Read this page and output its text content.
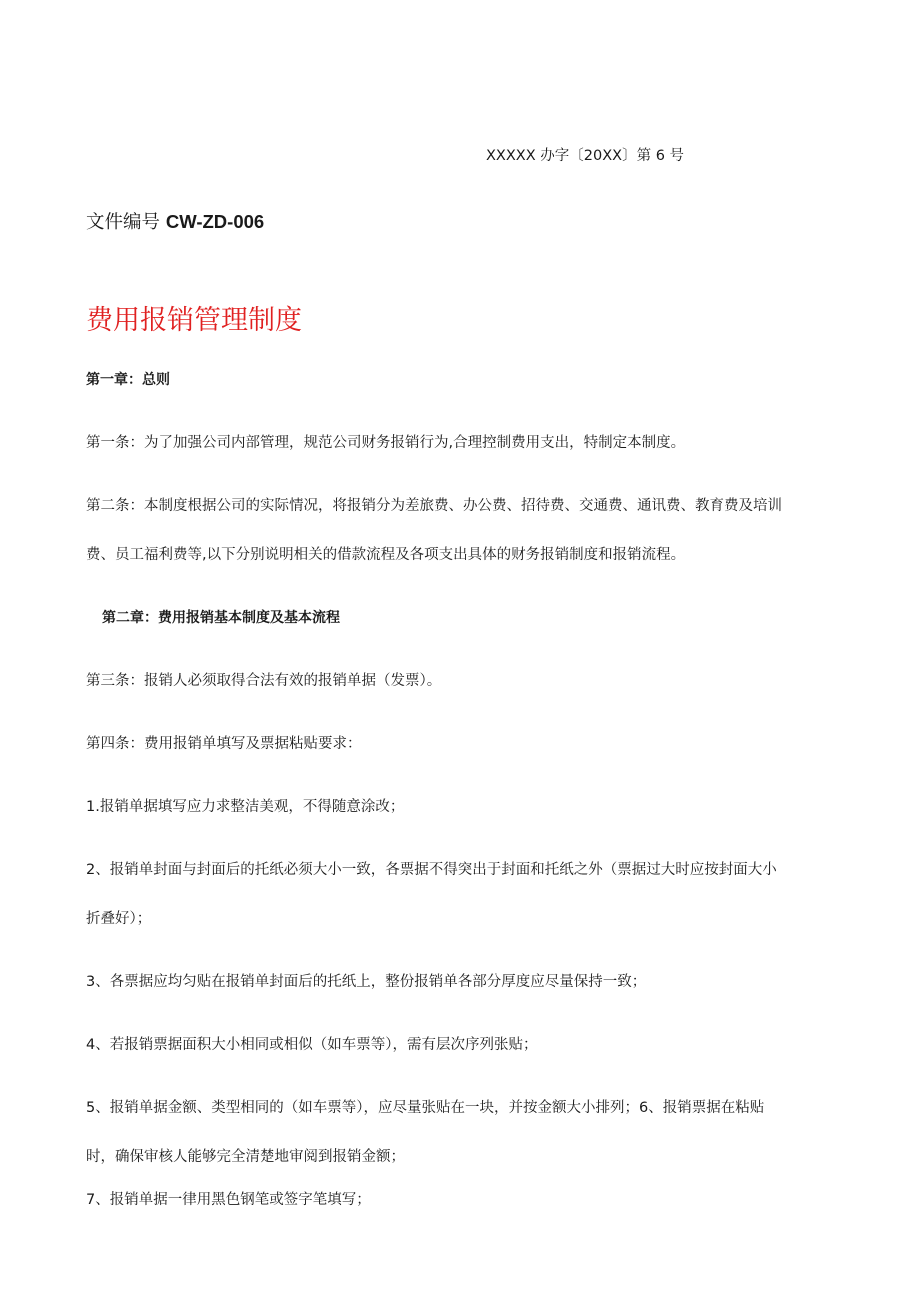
XXXXX 办字〔20XX〕第 6 号
文件编号 CW-ZD-006
费用报销管理制度
第一章：总则
第一条：为了加强公司内部管理，规范公司财务报销行为,合理控制费用支出，特制定本制度。
第二条：本制度根据公司的实际情况，将报销分为差旅费、办公费、招待费、交通费、通讯费、教育费及培训
费、员工福利费等,以下分别说明相关的借款流程及各项支出具体的财务报销制度和报销流程。
第二章：费用报销基本制度及基本流程
第三条：报销人必须取得合法有效的报销单据（发票）。
第四条：费用报销单填写及票据粘贴要求：
1.报销单据填写应力求整洁美观，不得随意涂改；
2、报销单封面与封面后的托纸必须大小一致，各票据不得突出于封面和托纸之外（票据过大时应按封面大小
折叠好）；
3、各票据应均匀贴在报销单封面后的托纸上，整份报销单各部分厚度应尽量保持一致；
4、若报销票据面积大小相同或相似（如车票等），需有层次序列张贴；
5、报销单据金额、类型相同的（如车票等），应尽量张贴在一块，并按金额大小排列；6、报销票据在粘贴
时，确保审核人能够完全清楚地审阅到报销金额；
7、报销单据一律用黑色钢笔或签字笔填写；
